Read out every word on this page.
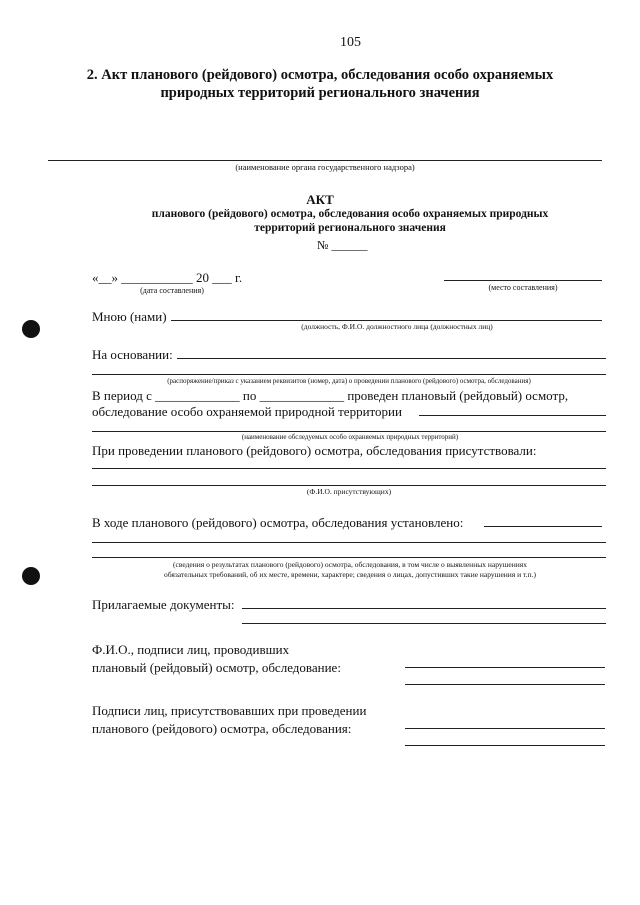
105
2. Акт планового (рейдового) осмотра, обследования особо охраняемых
природных территорий регионального значения
(наименование органа государственного надзора)
АКТ
планового (рейдового) осмотра, обследования особо охраняемых природных
территорий регионального значения
№ ______
«__» ___________ 20 ___ г.
(дата составления)	(место составления)
Мною (нами)
(должность, Ф.И.О. должностного лица (должностных лиц)
На основании:
(распоряжение/приказ с указанием реквизитов (номер, дата) о проведении планового (рейдового) осмотра, обследования)
В период с _____________ по _____________ проведен плановый (рейдовый) осмотр,
обследование особо охраняемой природной территории
(наименование обследуемых особо охраняемых природных территорий)
При проведении планового (рейдового) осмотра, обследования присутствовали:
(Ф.И.О. присутствующих)
В ходе планового (рейдового) осмотра, обследования установлено:
(сведения о результатах планового (рейдового) осмотра, обследования, в том числе о выявленных нарушениях
обязательных требований, об их месте, времени, характере; сведения о лицах, допустивших такие нарушения и т.п.)
Прилагаемые документы:
Ф.И.О., подписи лиц, проводивших
плановый (рейдовый) осмотр, обследование:
Подписи лиц, присутствовавших при проведении
планового (рейдового) осмотра, обследования:
